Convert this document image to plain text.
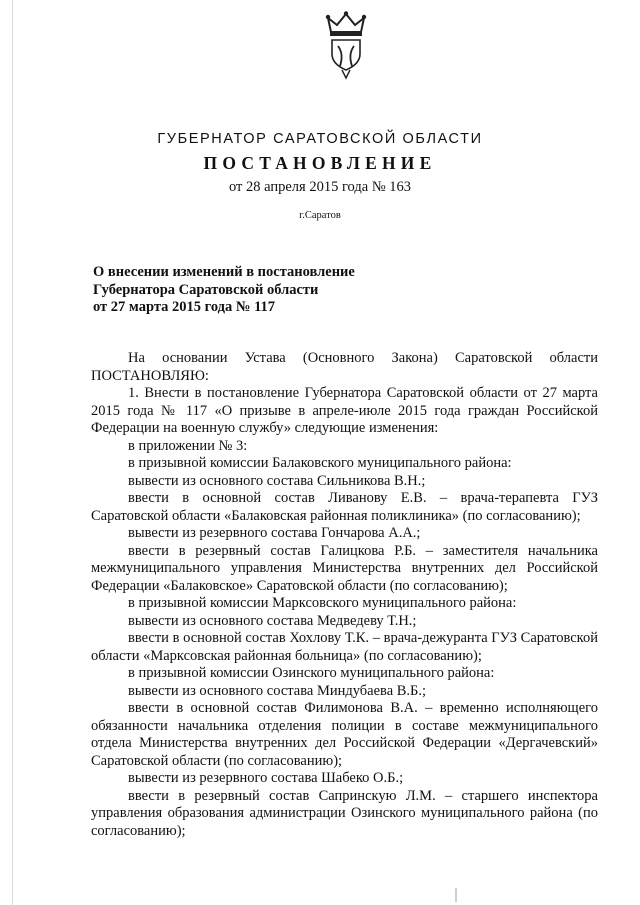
ГУБЕРНАТОР САРАТОВСКОЙ ОБЛАСТИ
ПОСТАНОВЛЕНИЕ
от 28 апреля 2015 года № 163
г.Саратов
О внесении изменений в постановление
Губернатора Саратовской области
от 27 марта 2015 года № 117

На основании Устава (Основного Закона) Саратовской области ПОСТАНОВЛЯЮ:

1. Внести в постановление Губернатора Саратовской области от 27 марта 2015 года № 117 «О призыве в апреле-июле 2015 года граждан Российской Федерации на военную службу» следующие изменения:

в приложении № 3:

в призывной комиссии Балаковского муниципального района:

вывести из основного состава Сильникова В.Н.;

ввести в основной состав Ливанову Е.В. – врача-терапевта ГУЗ Саратовской области «Балаковская районная поликлиника» (по согласованию);

вывести из резервного состава Гончарова А.А.;

ввести в резервный состав Галицкова Р.Б. – заместителя начальника межмуниципального управления Министерства внутренних дел Российской Федерации «Балаковское» Саратовской области (по согласованию);

в призывной комиссии Марксовского муниципального района:

вывести из основного состава Медведеву Т.Н.;

ввести в основной состав Хохлову Т.К. – врача-дежуранта ГУЗ Саратовской области «Марксовская районная больница» (по согласованию);

в призывной комиссии Озинского муниципального района:

вывести из основного состава Миндубаева В.Б.;

ввести в основной состав Филимонова В.А. – временно исполняющего обязанности начальника отделения полиции в составе межмуниципального отдела Министерства внутренних дел Российской Федерации «Дергачевский» Саратовской области (по согласованию);

вывести из резервного состава Шабеко О.Б.;

ввести в резервный состав Сапринскую Л.М. – старшего инспектора управления образования администрации Озинского муниципального района (по согласованию);
